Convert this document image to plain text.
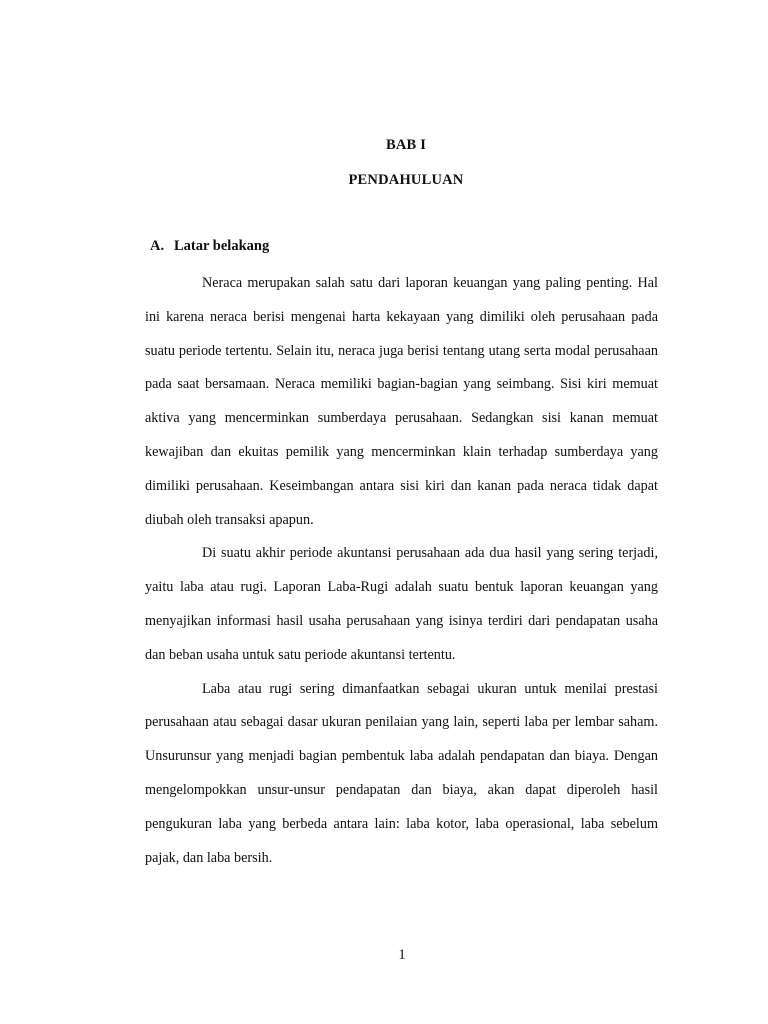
BAB I
PENDAHULUAN
A. Latar belakang

Neraca merupakan salah satu dari laporan keuangan yang paling penting. Hal ini karena neraca berisi mengenai harta kekayaan yang dimiliki oleh perusahaan pada suatu periode tertentu. Selain itu, neraca juga berisi tentang utang serta modal perusahaan pada saat bersamaan. Neraca memiliki bagian-bagian yang seimbang. Sisi kiri memuat aktiva yang mencerminkan sumberdaya perusahaan. Sedangkan sisi kanan memuat kewajiban dan ekuitas pemilik yang mencerminkan klain terhadap sumberdaya yang dimiliki perusahaan. Keseimbangan antara sisi kiri dan kanan pada neraca tidak dapat diubah oleh transaksi apapun.

Di suatu akhir periode akuntansi perusahaan ada dua hasil yang sering terjadi, yaitu laba atau rugi. Laporan Laba-Rugi adalah suatu bentuk laporan keuangan yang menyajikan informasi hasil usaha perusahaan yang isinya terdiri dari pendapatan usaha dan beban usaha untuk satu periode akuntansi tertentu.

Laba atau rugi sering dimanfaatkan sebagai ukuran untuk menilai prestasi perusahaan atau sebagai dasar ukuran penilaian yang lain, seperti laba per lembar saham. Unsurunsur yang menjadi bagian pembentuk laba adalah pendapatan dan biaya. Dengan mengelompokkan unsur-unsur pendapatan dan biaya, akan dapat diperoleh hasil pengukuran laba yang berbeda antara lain: laba kotor, laba operasional, laba sebelum pajak, dan laba bersih.

1
